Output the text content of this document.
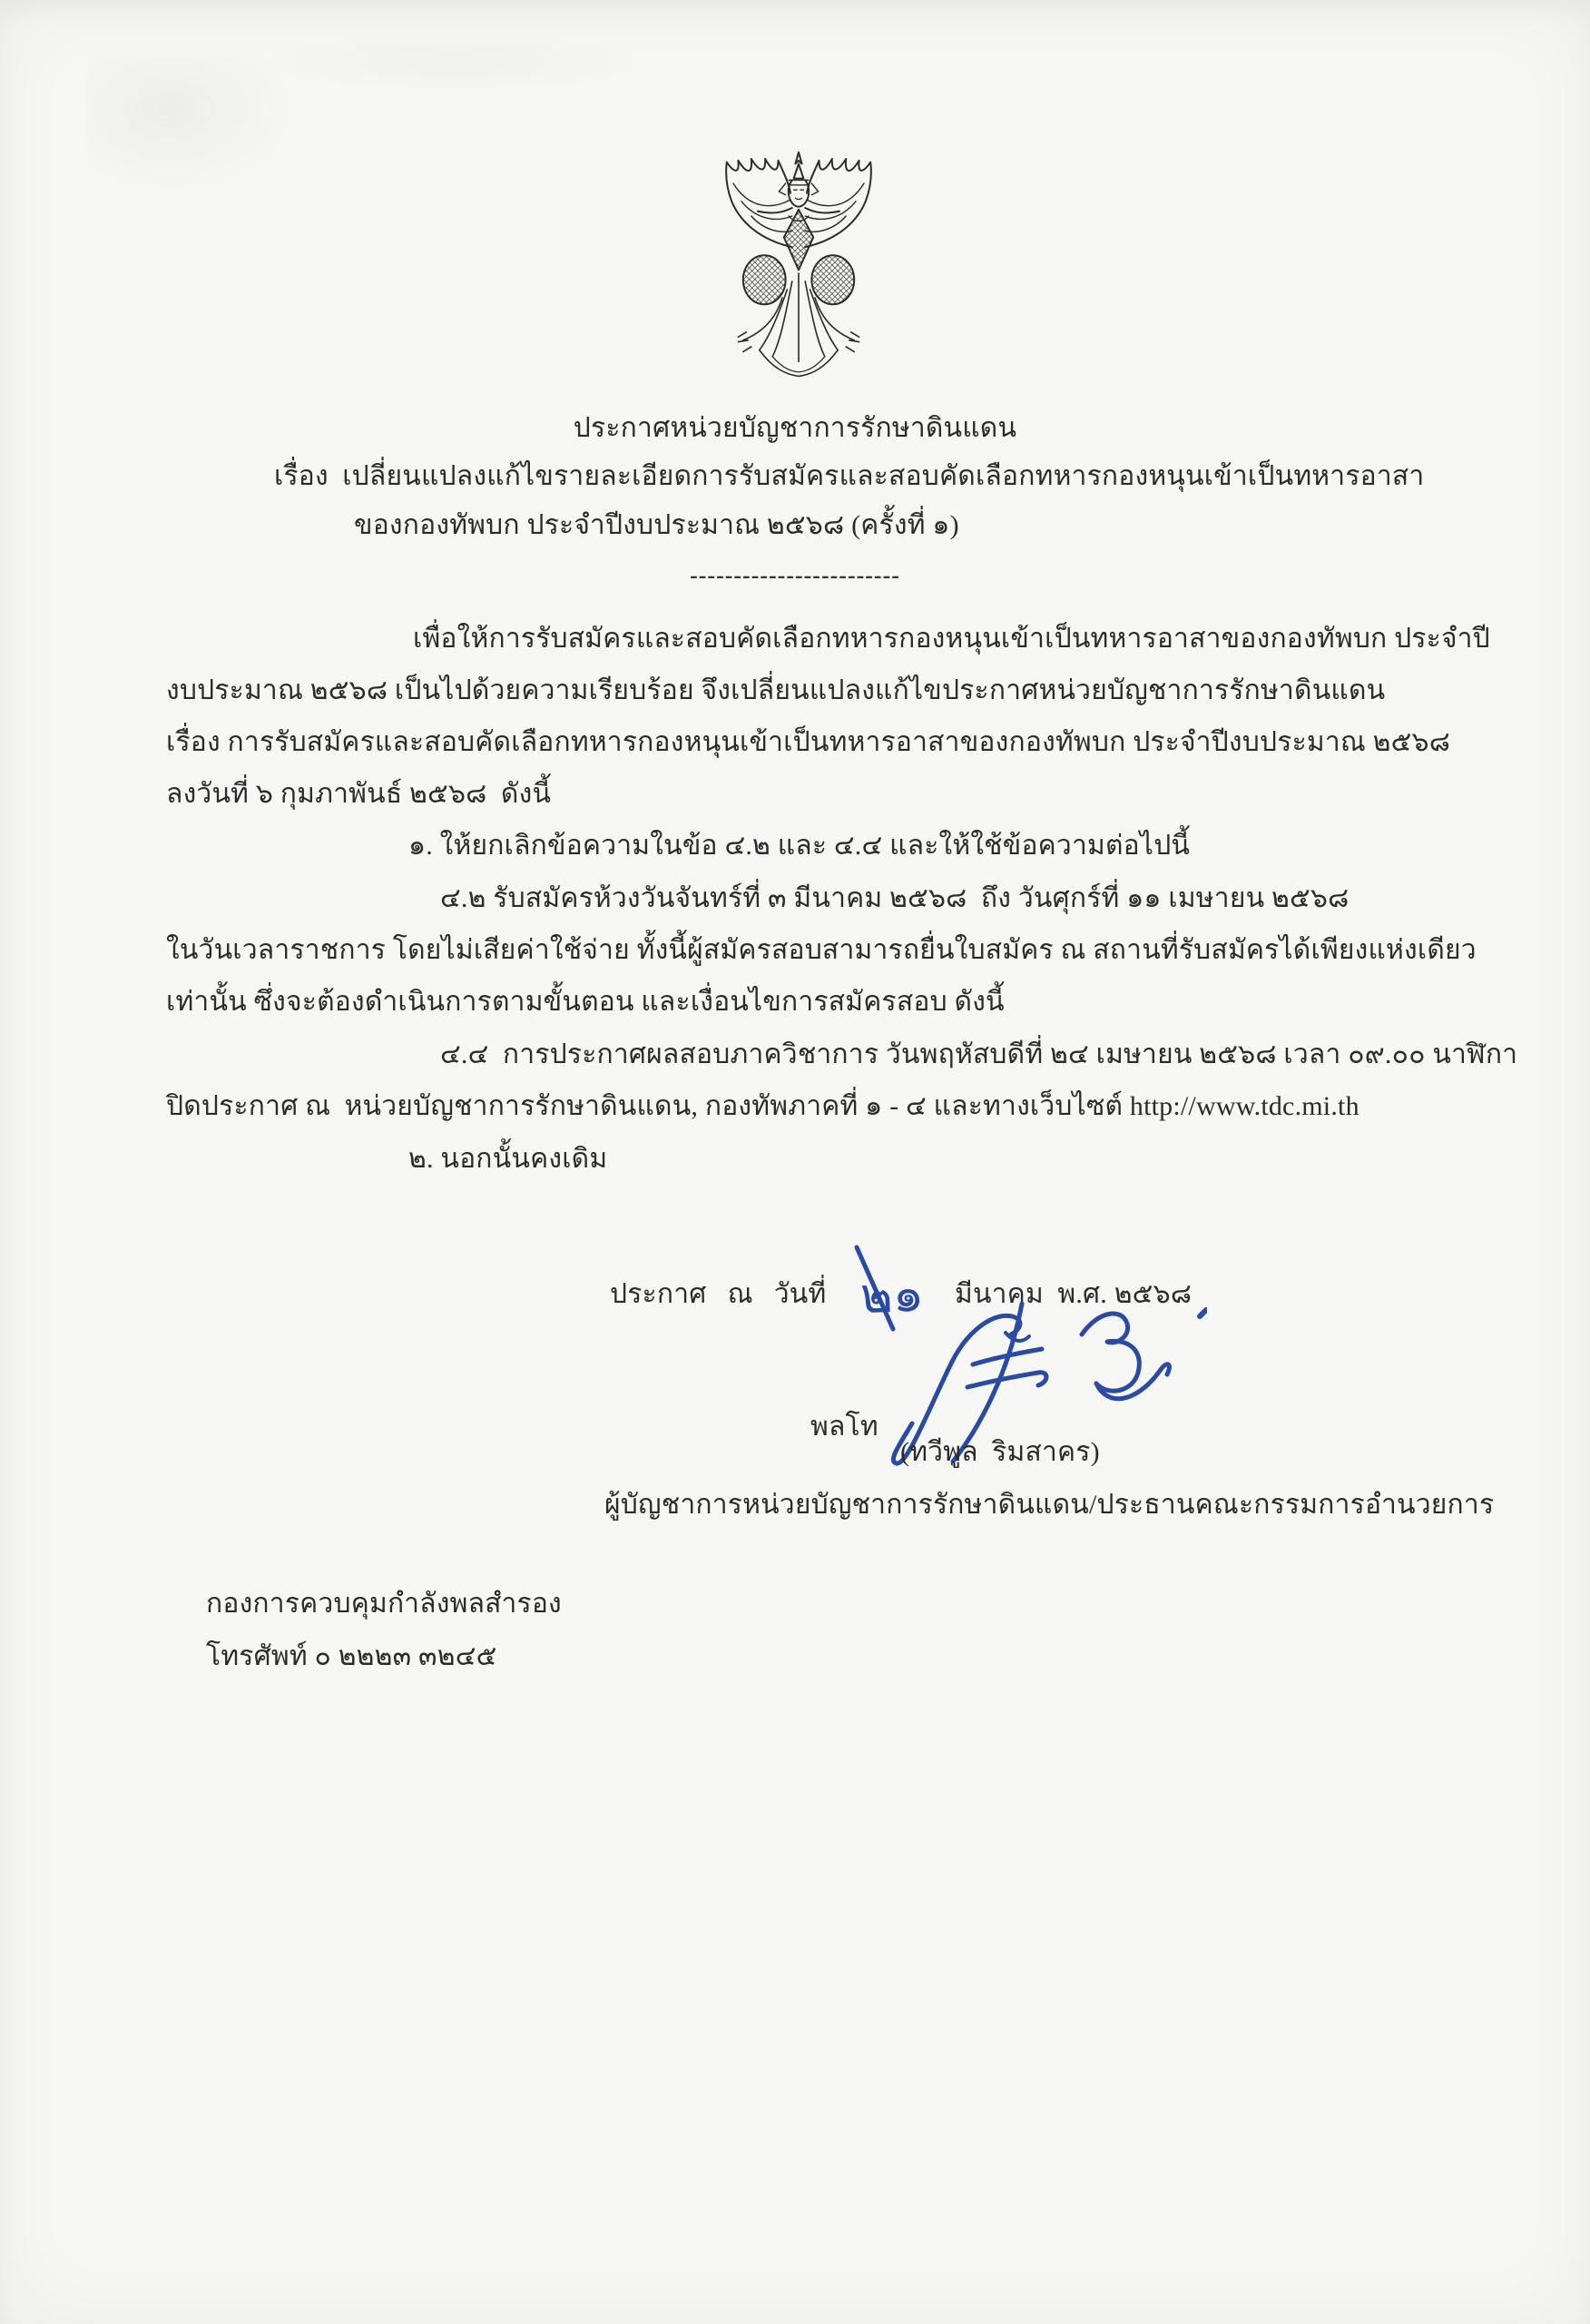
ประกาศหน่วยบัญชาการรักษาดินแดน
เรื่อง  เปลี่ยนแปลงแก้ไขรายละเอียดการรับสมัครและสอบคัดเลือกทหารกองหนุนเข้าเป็นทหารอาสา
ของกองทัพบก ประจำปีงบประมาณ ๒๕๖๘ (ครั้งที่ ๑)
------------------------
เพื่อให้การรับสมัครและสอบคัดเลือกทหารกองหนุนเข้าเป็นทหารอาสาของกองทัพบก ประจำปี
งบประมาณ ๒๕๖๘ เป็นไปด้วยความเรียบร้อย จึงเปลี่ยนแปลงแก้ไขประกาศหน่วยบัญชาการรักษาดินแดน
เรื่อง การรับสมัครและสอบคัดเลือกทหารกองหนุนเข้าเป็นทหารอาสาของกองทัพบก ประจำปีงบประมาณ ๒๕๖๘
ลงวันที่ ๖ กุมภาพันธ์ ๒๕๖๘  ดังนี้
๑. ให้ยกเลิกข้อความในข้อ ๔.๒ และ ๔.๔ และให้ใช้ข้อความต่อไปนี้
๔.๒ รับสมัครห้วงวันจันทร์ที่ ๓ มีนาคม ๒๕๖๘  ถึง วันศุกร์ที่ ๑๑ เมษายน ๒๕๖๘
ในวันเวลาราชการ โดยไม่เสียค่าใช้จ่าย ทั้งนี้ผู้สมัครสอบสามารถยื่นใบสมัคร ณ สถานที่รับสมัครได้เพียงแห่งเดียว
เท่านั้น ซึ่งจะต้องดำเนินการตามขั้นตอน และเงื่อนไขการสมัครสอบ ดังนี้
๔.๔  การประกาศผลสอบภาควิชาการ วันพฤหัสบดีที่ ๒๔ เมษายน ๒๕๖๘ เวลา ๐๙.๐๐ นาฬิกา
ปิดประกาศ ณ  หน่วยบัญชาการรักษาดินแดน, กองทัพภาคที่ ๑ - ๔ และทางเว็บไซต์ http://www.tdc.mi.th
๒. นอกนั้นคงเดิม
ประกาศ   ณ   วันที่	มีนาคม  พ.ศ. ๒๕๖๘
๒๑
พลโท
(ทวีพูล  ริมสาคร)
ผู้บัญชาการหน่วยบัญชาการรักษาดินแดน/ประธานคณะกรรมการอำนวยการ
กองการควบคุมกำลังพลสำรอง
โทรศัพท์ ๐ ๒๒๒๓ ๓๒๔๕
